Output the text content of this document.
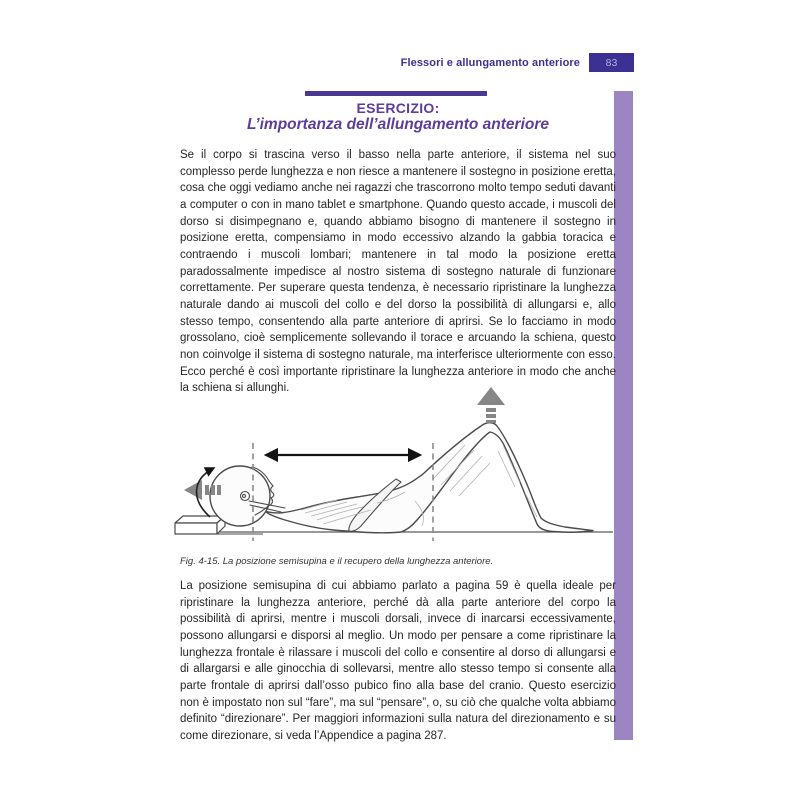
Flessori e allungamento anteriore	83
ESERCIZIO:
L’importanza dell’allungamento anteriore

Se il corpo si trascina verso il basso nella parte anteriore, il sistema nel suo complesso perde lunghezza e non riesce a mantenere il sostegno in posizione eretta, cosa che oggi vediamo anche nei ragazzi che trascorrono molto tempo seduti davanti a computer o con in mano tablet e smartphone. Quando questo accade, i muscoli del dorso si disimpegnano e, quando abbiamo bisogno di mantenere il sostegno in posizione eretta, compensiamo in modo eccessivo alzando la gabbia toracica e contraendo i muscoli lombari; mantenere in tal modo la posizione eretta paradossalmente impedisce al nostro sistema di sostegno naturale di funzionare correttamente. Per superare questa tendenza, è necessario ripristinare la lunghezza naturale dando ai muscoli del collo e del dorso la possibilità di allungarsi e, allo stesso tempo, consentendo alla parte anteriore di aprirsi. Se lo facciamo in modo grossolano, cioè semplicemente sollevando il torace e arcuando la schiena, questo non coinvolge il sistema di sostegno naturale, ma interferisce ulteriormente con esso. Ecco perché è così importante ripristinare la lunghezza anteriore in modo che anche la schiena si allunghi.

Fig. 4-15. La posizione semisupina e il recupero della lunghezza anteriore.

La posizione semisupina di cui abbiamo parlato a pagina 59 è quella ideale per ripristinare la lunghezza anteriore, perché dà alla parte anteriore del corpo la possibilità di aprirsi, mentre i muscoli dorsali, invece di inarcarsi eccessivamente, possono allungarsi e disporsi al meglio. Un modo per pensare a come ripristinare la lunghezza frontale è rilassare i muscoli del collo e consentire al dorso di allungarsi e di allargarsi e alle ginocchia di sollevarsi, mentre allo stesso tempo si consente alla parte frontale di aprirsi dall’osso pubico fino alla base del cranio. Questo esercizio non è impostato non sul “fare”, ma sul “pensare”, o, su ciò che qualche volta abbiamo definito “direzionare”. Per maggiori informazioni sulla natura del direzionamento e su come direzionare, si veda l’Appendice a pagina 287.
